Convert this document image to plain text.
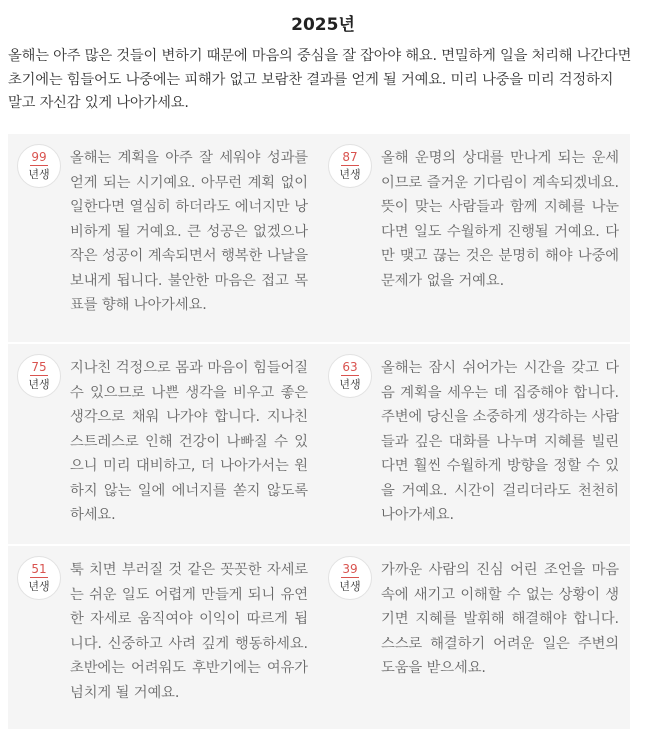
2025년

올해는 아주 많은 것들이 변하기 때문에 마음의 중심을 잘 잡아야 해요. 면밀하게 일을 처리해 나간다면 초기에는 힘들어도 나중에는 피해가 없고 보람찬 결과를 얻게 될 거예요. 미리 나중을 미리 걱정하지 말고 자신감 있게 나아가세요.

99
년생

올해는 계획을 아주 잘 세워야 성과를 얻게 되는 시기예요. 아무런 계획 없이 일한다면 열심히 하더라도 에너지만 낭비하게 될 거예요. 큰 성공은 없겠으나 작은 성공이 계속되면서 행복한 나날을 보내게 됩니다. 불안한 마음은 접고 목표를 향해 나아가세요.

87
년생

올해 운명의 상대를 만나게 되는 운세이므로 즐거운 기다림이 계속되겠네요. 뜻이 맞는 사람들과 함께 지혜를 나눈다면 일도 수월하게 진행될 거예요. 다만 맺고 끊는 것은 분명히 해야 나중에 문제가 없을 거예요.

75
년생

지나친 걱정으로 몸과 마음이 힘들어질 수 있으므로 나쁜 생각을 비우고 좋은 생각으로 채워 나가야 합니다. 지나친 스트레스로 인해 건강이 나빠질 수 있으니 미리 대비하고, 더 나아가서는 원하지 않는 일에 에너지를 쏟지 않도록 하세요.

63
년생

올해는 잠시 쉬어가는 시간을 갖고 다음 계획을 세우는 데 집중해야 합니다. 주변에 당신을 소중하게 생각하는 사람들과 깊은 대화를 나누며 지혜를 빌린다면 훨씬 수월하게 방향을 정할 수 있을 거예요. 시간이 걸리더라도 천천히 나아가세요.

51
년생

툭 치면 부러질 것 같은 꼿꼿한 자세로는 쉬운 일도 어렵게 만들게 되니 유연한 자세로 움직여야 이익이 따르게 됩니다. 신중하고 사려 깊게 행동하세요. 초반에는 어려워도 후반기에는 여유가 넘치게 될 거예요.

39
년생

가까운 사람의 진심 어린 조언을 마음속에 새기고 이해할 수 없는 상황이 생기면 지혜를 발휘해 해결해야 합니다. 스스로 해결하기 어려운 일은 주변의 도움을 받으세요.
